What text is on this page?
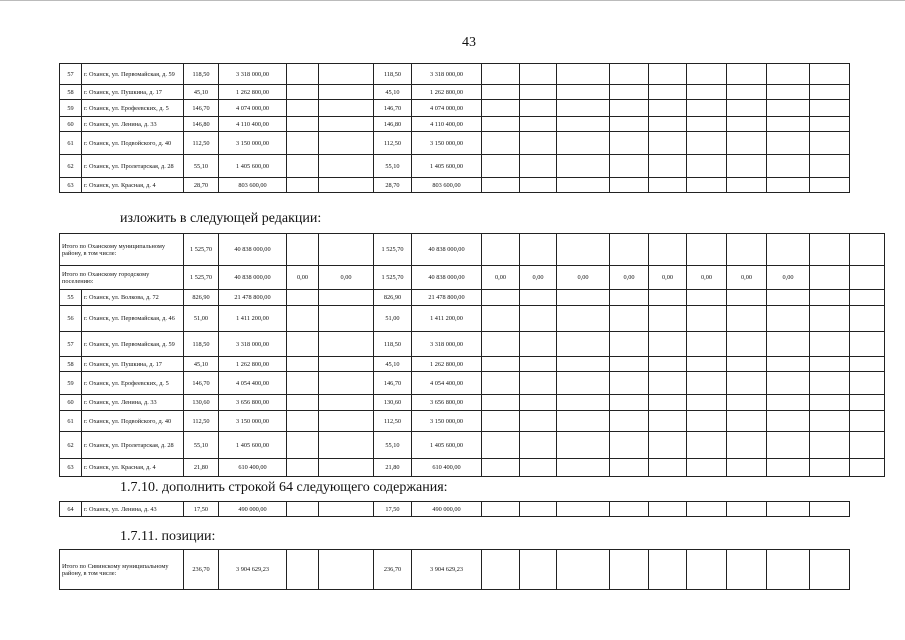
43
57	г. Оханск, ул. Первомайская, д. 59	118,50	3 318 000,00			118,50	3 318 000,00									
58	г. Оханск, ул. Пушкина, д. 17	45,10	1 262 800,00			45,10	1 262 800,00									
59	г. Оханск, ул. Ерофеевских, д. 5	146,70	4 074 000,00			146,70	4 074 000,00									
60	г. Оханск, ул. Ленина, д. 33	146,80	4 110 400,00			146,80	4 110 400,00									
61	г. Оханск, ул. Подвойского, д. 40	112,50	3 150 000,00			112,50	3 150 000,00									
62	г. Оханск, ул. Пролетарская, д. 28	55,10	1 405 600,00			55,10	1 405 600,00									
63	г. Оханск, ул. Красная, д. 4	28,70	803 600,00			28,70	803 600,00									
изложить в следующей редакции:
Итого по Оханскому муниципальному району, в том числе:		1 525,70	40 838 000,00			1 525,70	40 838 000,00										
Итого по Оханскому городскому поселению:		1 525,70	40 838 000,00	0,00	0,00	1 525,70	40 838 000,00	0,00	0,00	0,00	0,00	0,00	0,00	0,00	0,00		
55	г. Оханск, ул. Волкова, д. 72	826,90	21 478 800,00			826,90	21 478 800,00										
56	г. Оханск, ул. Первомайская, д. 46	51,00	1 411 200,00			51,00	1 411 200,00										
57	г. Оханск, ул. Первомайская, д. 59	118,50	3 318 000,00			118,50	3 318 000,00										
58	г. Оханск, ул. Пушкина, д. 17	45,10	1 262 800,00			45,10	1 262 800,00										
59	г. Оханск, ул. Ерофеевских, д. 5	146,70	4 054 400,00			146,70	4 054 400,00										
60	г. Оханск, ул. Ленина, д. 33	130,60	3 656 800,00			130,60	3 656 800,00										
61	г. Оханск, ул. Подвойского, д. 40	112,50	3 150 000,00			112,50	3 150 000,00										
62	г. Оханск, ул. Пролетарская, д. 28	55,10	1 405 600,00			55,10	1 405 600,00										
63	г. Оханск, ул. Красная, д. 4	21,80	610 400,00			21,80	610 400,00										
1.7.10. дополнить строкой 64 следующего содержания:
64	г. Оханск, ул. Ленина, д. 43	17,50	490 000,00			17,50	490 000,00									
1.7.11. позиции:
Итого по Сивинскому муниципальному району, в том числе:	236,70	3 904 629,23			236,70	3 904 629,23									
